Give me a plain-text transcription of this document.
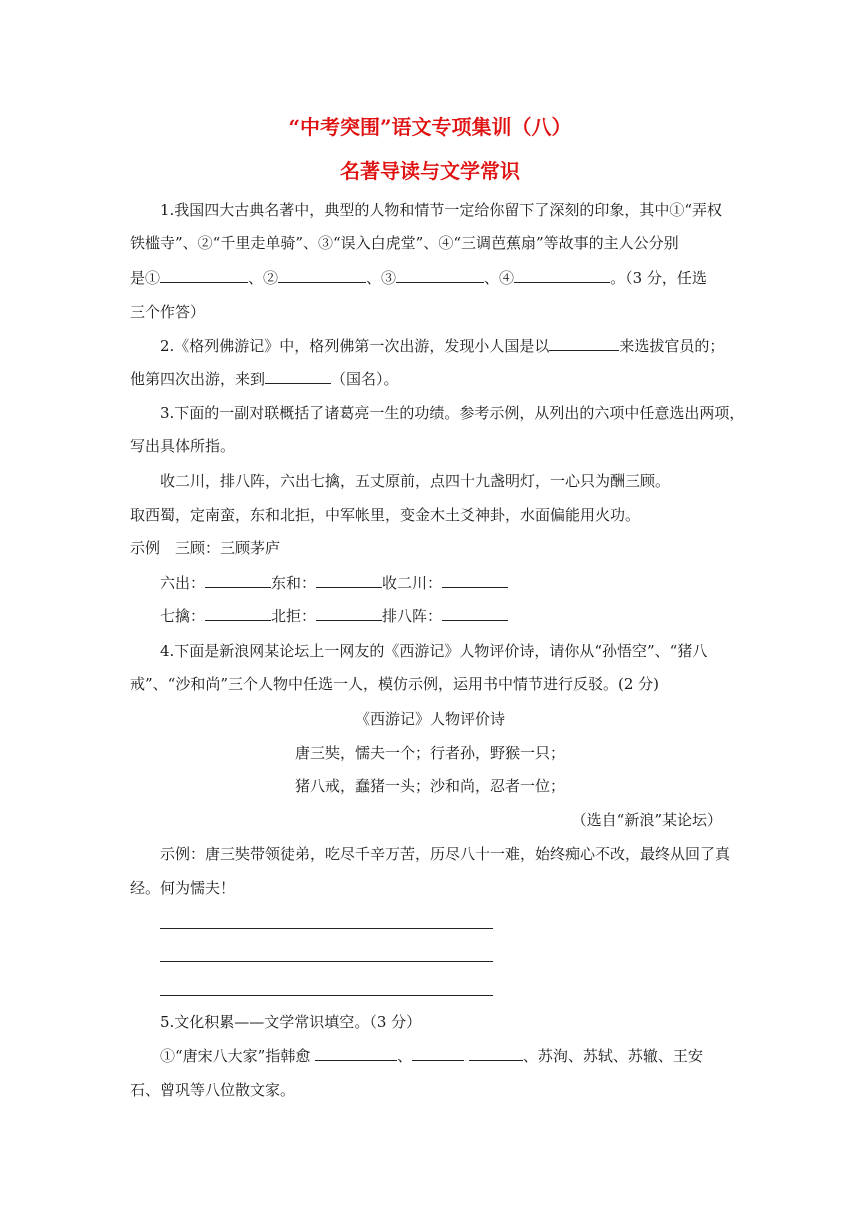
“中考突围”语文专项集训（八）
名著导读与文学常识
1.我国四大古典名著中，典型的人物和情节一定给你留下了深刻的印象，其中①“弄权
铁槛寺”、②“千里走单骑”、③“误入白虎堂”、④“三调芭蕉扇”等故事的主人公分别
是①	、②	、③	、④	。（3 分，任选
三个作答）
2.《格列佛游记》中，格列佛第一次出游，发现小人国是以	来选拔官员的；
他第四次出游，来到	（国名）。
3.下面的一副对联概括了诸葛亮一生的功绩。参考示例，从列出的六项中任意选出两项，
写出具体所指。
收二川，排八阵，六出七擒，五丈原前，点四十九盏明灯，一心只为酬三顾。
取西蜀，定南蛮，东和北拒，中军帐里，变金木土爻神卦，水面偏能用火功。
示例　三顾：三顾茅庐
六出：	东和：	收二川：
七擒：	北拒：	排八阵：
4.下面是新浪网某论坛上一网友的《西游记》人物评价诗，请你从“孙悟空”、“猪八
戒”、“沙和尚”三个人物中任选一人，模仿示例，运用书中情节进行反驳。(2 分)
《西游记》人物评价诗
唐三奘，懦夫一个；行者孙，野猴一只；
猪八戒，蠢猪一头；沙和尚，忍者一位；
（选自“新浪”某论坛）
示例：唐三奘带领徒弟，吃尽千辛万苦，历尽八十一难，始终痴心不改，最终从回了真
经。何为懦夫！
5.文化积累——文学常识填空。（3 分）
①“唐宋八大家”指韩愈	、	、苏洵、苏轼、苏辙、王安
石、曾巩等八位散文家。
